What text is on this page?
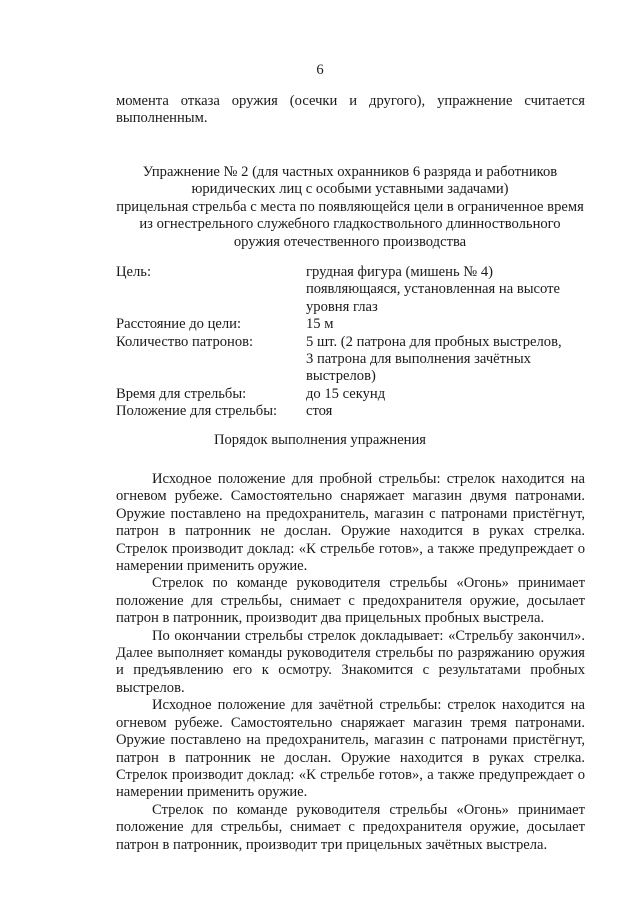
6

момента отказа оружия (осечки и другого), упражнение считается выполненным.

Упражнение № 2 (для частных охранников 6 разряда и работников
юридических лиц с особыми уставными задачами)
прицельная стрельба с места по появляющейся цели в ограниченное время
из огнестрельного служебного гладкоствольного длинноствольного
оружия отечественного производства
Цель:	грудная фигура (мишень № 4)
появляющаяся, установленная на высоте
уровня глаз
Расстояние до цели:	15 м
Количество патронов:	5 шт. (2 патрона для пробных выстрелов,
3 патрона для выполнения зачётных
выстрелов)
Время для стрельбы:	до 15 секунд
Положение для стрельбы:	стоя
Порядок выполнения упражнения

Исходное положение для пробной стрельбы: стрелок находится на огневом рубеже. Самостоятельно снаряжает магазин двумя патронами. Оружие поставлено на предохранитель, магазин с патронами пристёгнут, патрон в патронник не дослан. Оружие находится в руках стрелка. Стрелок производит доклад: «К стрельбе готов», а также предупреждает о намерении применить оружие.

Стрелок по команде руководителя стрельбы «Огонь» принимает положение для стрельбы, снимает с предохранителя оружие, досылает патрон в патронник, производит два прицельных пробных выстрела.

По окончании стрельбы стрелок докладывает: «Стрельбу закончил». Далее выполняет команды руководителя стрельбы по разряжанию оружия и предъявлению его к осмотру. Знакомится с результатами пробных выстрелов.

Исходное положение для зачётной стрельбы: стрелок находится на огневом рубеже. Самостоятельно снаряжает магазин тремя патронами. Оружие поставлено на предохранитель, магазин с патронами пристёгнут, патрон в патронник не дослан. Оружие находится в руках стрелка. Стрелок производит доклад: «К стрельбе готов», а также предупреждает о намерении применить оружие.

Стрелок по команде руководителя стрельбы «Огонь» принимает положение для стрельбы, снимает с предохранителя оружие, досылает патрон в патронник, производит три прицельных зачётных выстрела.
